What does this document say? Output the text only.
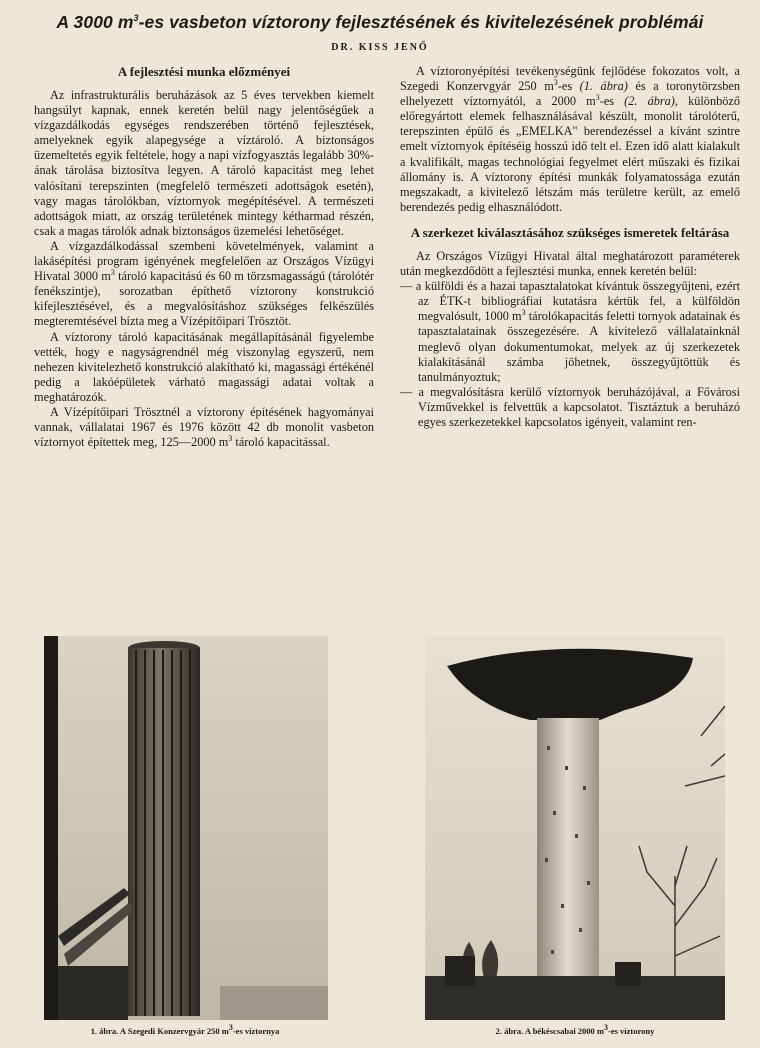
A 3000 $m^3-es$ vasbeton víztorony fejlesztésének és kivitelezésének problémái
DR. KISS JENŐ
A fejlesztési munka előzményei

Az infrastrukturális beruházások az 5 éves tervekben kiemelt hangsúlyt kapnak, ennek keretén belül nagy jelentőségűek a vízgazdálkodás egységes rendszerében történő fejlesztések, amelyeknek egyik alapegysége a víztároló. A biztonságos üzemeltetés egyik feltétele, hogy a napi vízfogyasztás legalább 30%-ának tárolása biztosítva legyen. A tároló kapacitást meg lehet valósítani terepszinten (megfelelő természeti adottságok esetén), vagy magas tárolókban, víztornyok megépítésével. A természeti adottságok miatt, az ország területének mintegy kétharmad részén, csak a magas tárolók adnak biztonságos üzemelési lehetőséget.

A vízgazdálkodással szembeni követelmények, valamint a lakásépítési program igényének megfelelően az Országos Vízügyi Hivatal 3000 $m^3$ tároló kapacitású és 60 m törzsmagasságú (tárolótér fenékszintje), sorozatban építhető víztorony konstrukció kifejlesztésével, és a megvalósításhoz szükséges felkészülés megteremtésével bízta meg a Vízépítőipari Trösztöt.

A víztorony tároló kapacitásának megállapításánál figyelembe vették, hogy e nagyságrendnél még viszonylag egyszerű, nem nehezen kivitelezhető konstrukció alakítható ki, magassági értékénél pedig a lakóépületek várható magassági adatai voltak a meghatározók.

A Vízépítőipari Trösztnél a víztorony építésének hagyományai vannak, vállalatai 1967 és 1976 között 42 db monolit vasbeton víztornyot építettek meg, 125—2000 $m^3$ tároló kapacitással.

A víztoronyépítési tevékenységünk fejlődése fokozatos volt, a Szegedi Konzervgyár 250 $m^3-es$ (1. ábra) és a toronytörzsben elhelyezett víztornyától, a 2000 $m^3-es$ (2. ábra), különböző előregyártott elemek felhasználásával készült, monolit tárolóterű, terepszinten épülő és „EMELKA" berendezéssel a kívánt szintre emelt víztornyok építéséig hosszú idő telt el. Ezen idő alatt kialakult a kvalifikált, magas technológiai fegyelmet elért műszaki és fizikai állomány is. A víztorony építési munkák folyamatossága ezután megszakadt, a kivitelező létszám más területre került, az emelő berendezés pedig elhasználódott.

A szerkezet kiválasztásához szükséges ismeretek feltárása

Az Országos Vízügyi Hivatal által meghatározott paraméterek után megkezdődött a fejlesztési munka, ennek keretén belül:

— a külföldi és a hazai tapasztalatokat kívántuk összegyűjteni, ezért az ÉTK-t bibliográfiai kutatásra kértük fel, a külföldön megvalósult, 1000 $m^3$ tárolókapacitás feletti tornyok adatainak és tapasztalatainak összegezésére. A kivitelező vállalatainknál meglevő olyan dokumentumokat, melyek az új szerkezetek kialakításánál számba jöhetnek, összegyűjtöttük és tanulmányoztuk;
— a megvalósításra kerülő víztornyok beruházójával, a Fővárosi Vízművekkel is felvettük a kapcsolatot. Tisztáztuk a beruházó egyes szerkezetekkel kapcsolatos igényeit, valamint ren-
1. ábra. A Szegedi Konzervgyár 250 $m^3-es$ víztornya	2. ábra. A békéscsabai 2000 $m^3-es$ víztorony
